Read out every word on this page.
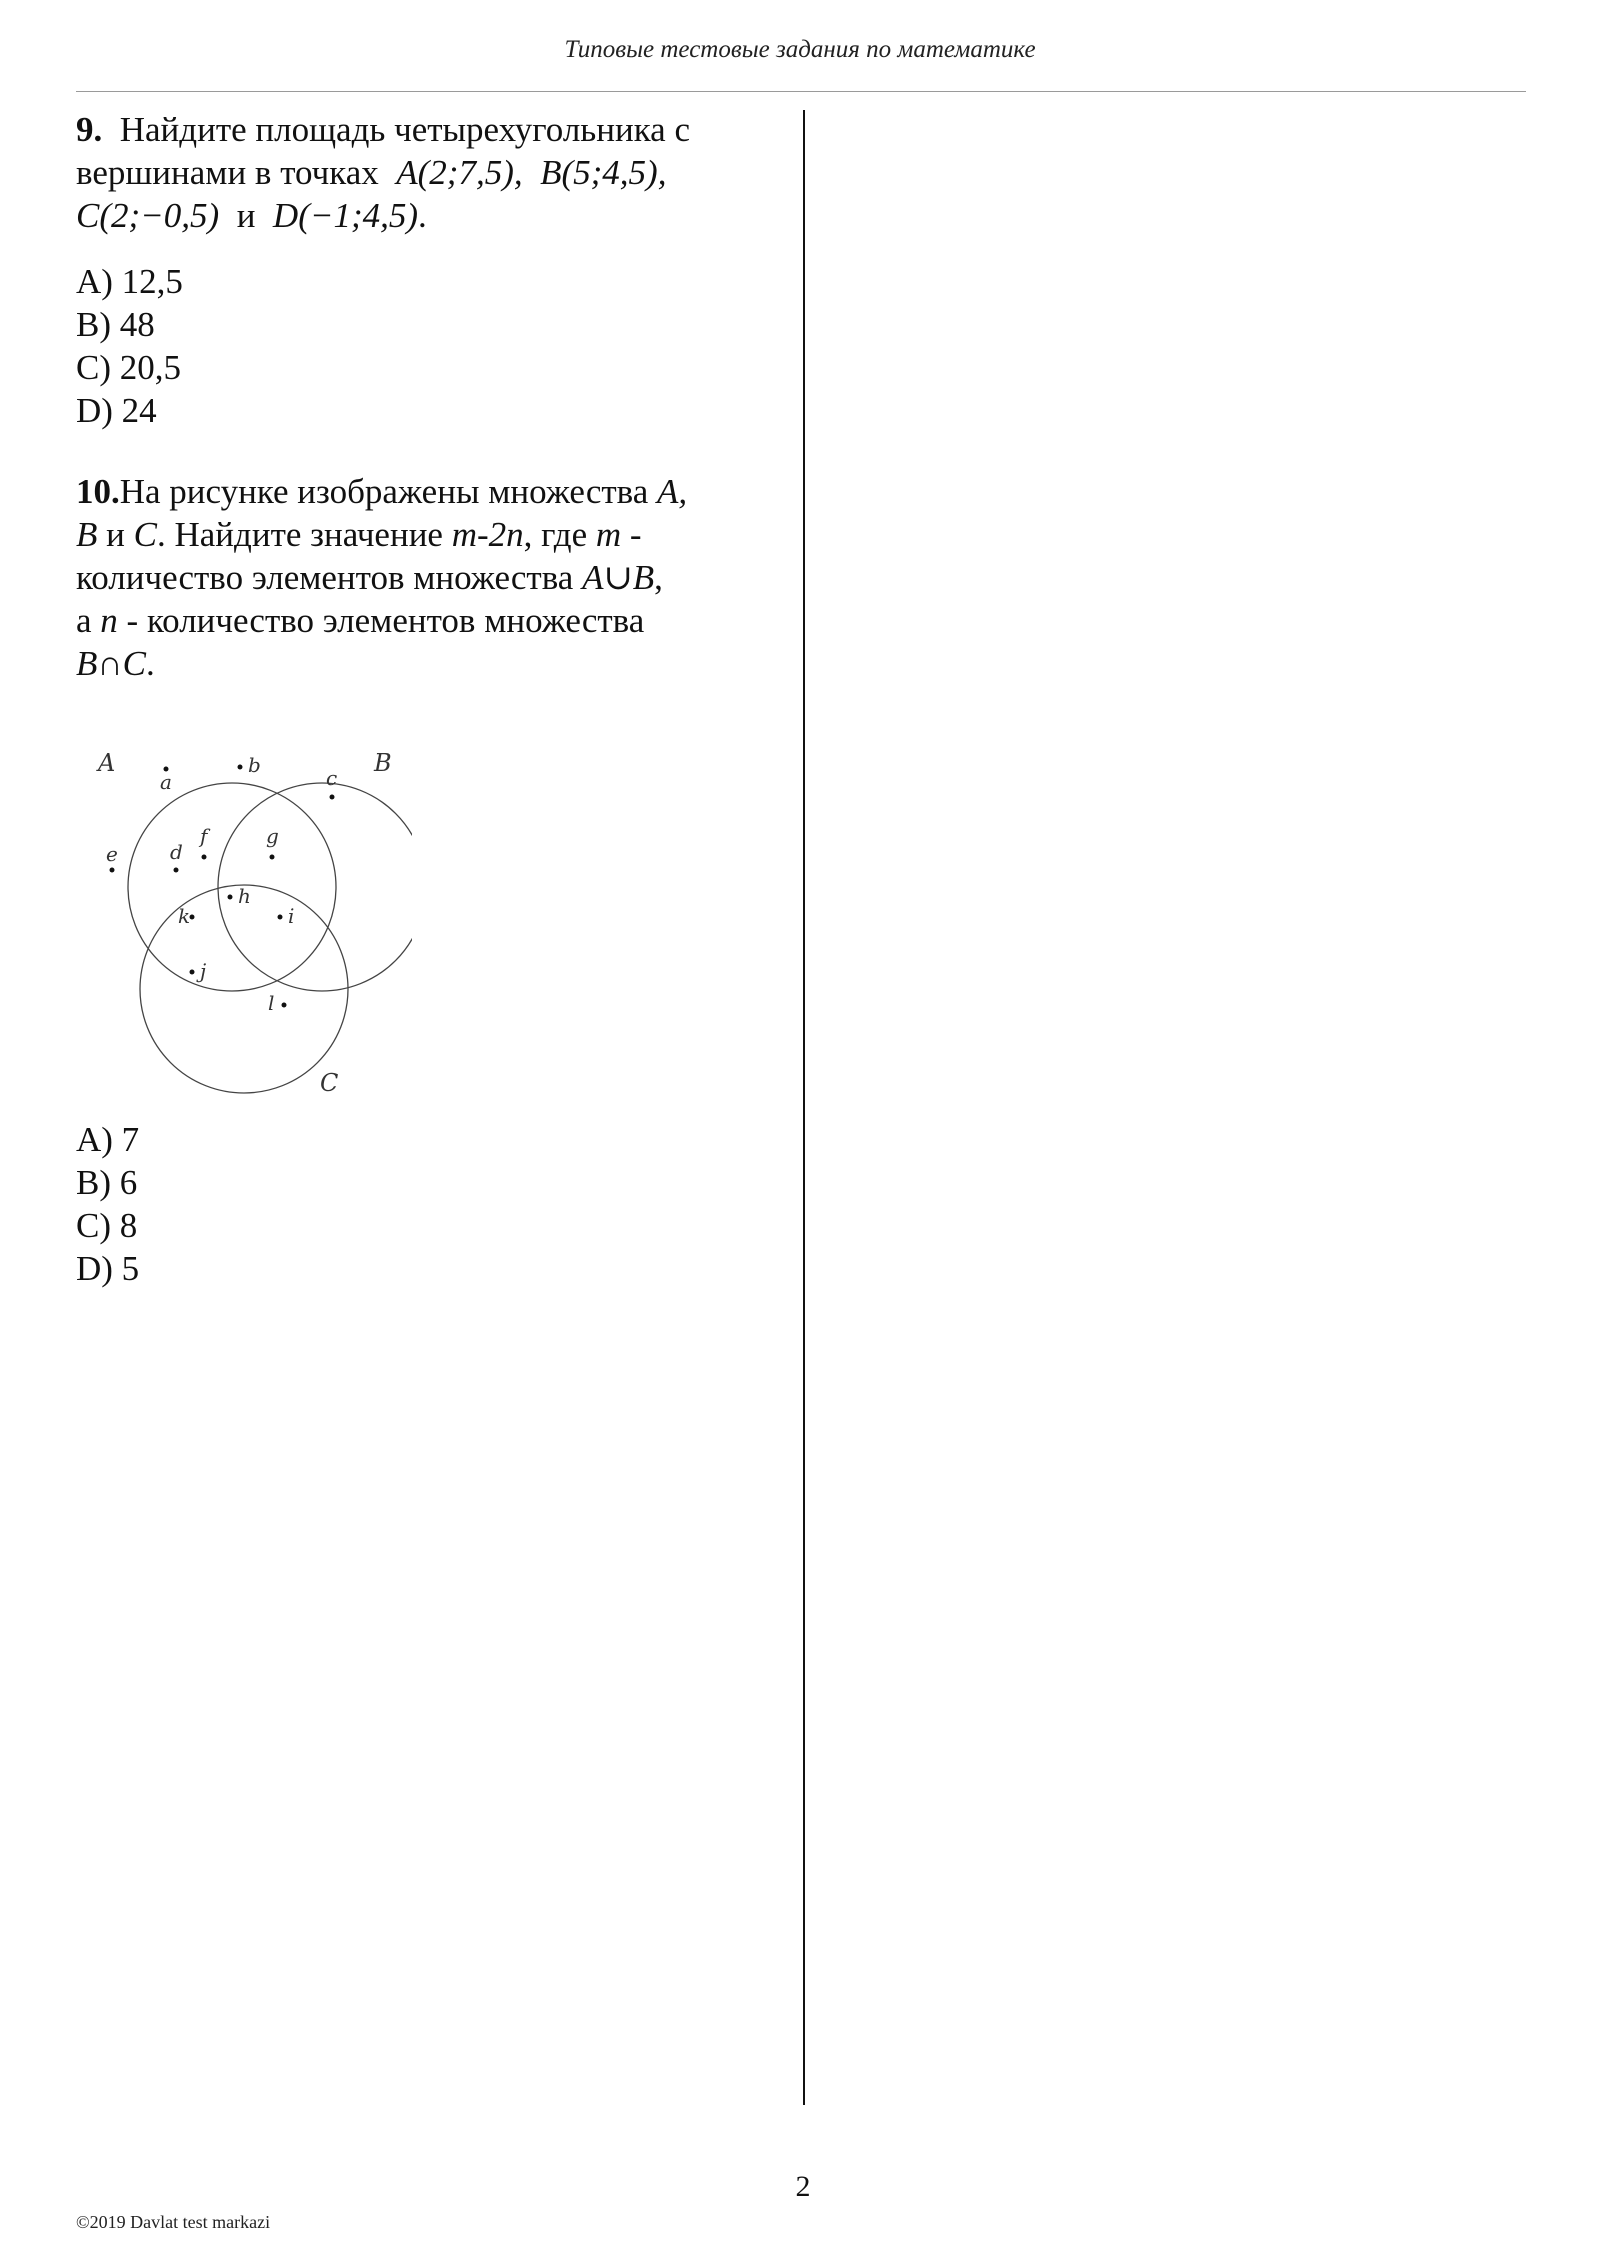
Типовые тестовые задания по математике

9. Найдите площадь четырехугольника с
вершинами в точках A(2;7,5), B(5;4,5),
C(2;−0,5) и D(−1;4,5).

A) 12,5
B) 48
C) 20,5
D) 24

10.На рисунке изображены множества A,
B и C. Найдите значение m-2n, где m -
количество элементов множества A∪B,
а n - количество элементов множества
B∩C.

A	B
C
a
b
c
d
e
f	g
h
i
j
k
l
A) 7
B) 6
C) 8
D) 5
2
©2019 Davlat test markazi
